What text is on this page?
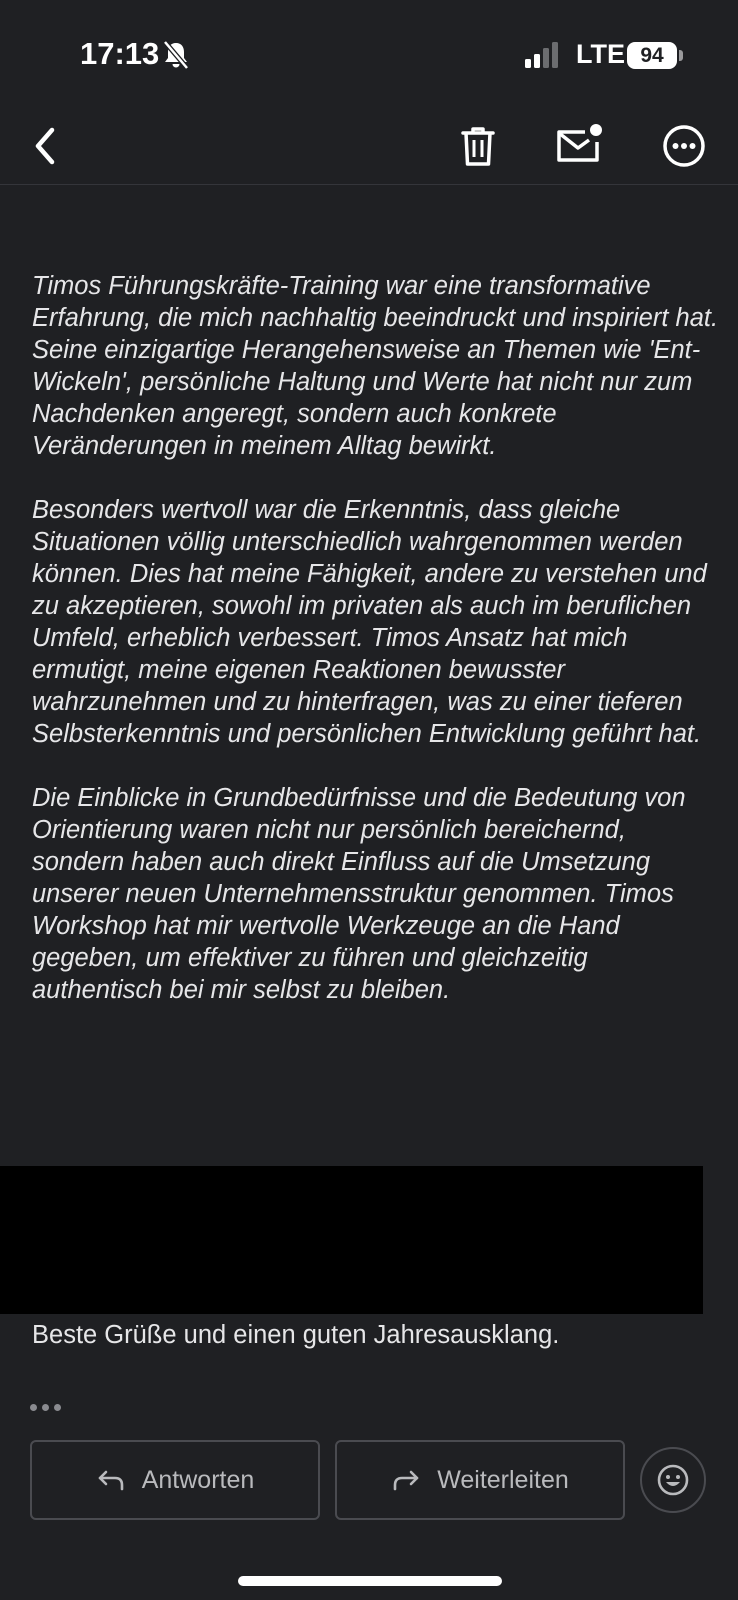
17:13	LTE 94

Timos Führungskräfte-Training war eine transformative Erfahrung, die mich nachhaltig beeindruckt und inspiriert hat. Seine einzigartige Herangehensweise an Themen wie 'Ent-Wickeln', persönliche Haltung und Werte hat nicht nur zum Nachdenken angeregt, sondern auch konkrete Veränderungen in meinem Alltag bewirkt.

Besonders wertvoll war die Erkenntnis, dass gleiche Situationen völlig unterschiedlich wahrgenommen werden können. Dies hat meine Fähigkeit, andere zu verstehen und zu akzeptieren, sowohl im privaten als auch im beruflichen Umfeld, erheblich verbessert. Timos Ansatz hat mich ermutigt, meine eigenen Reaktionen bewusster wahrzunehmen und zu hinterfragen, was zu einer tieferen Selbsterkenntnis und persönlichen Entwicklung geführt hat.

Die Einblicke in Grundbedürfnisse und die Bedeutung von Orientierung waren nicht nur persönlich bereichernd, sondern haben auch direkt Einfluss auf die Umsetzung unserer neuen Unternehmensstruktur genommen. Timos Workshop hat mir wertvolle Werkzeuge an die Hand gegeben, um effektiver zu führen und gleichzeitig authentisch bei mir selbst zu bleiben.

Beste Grüße und einen guten Jahresausklang.
Antworten	Weiterleiten
